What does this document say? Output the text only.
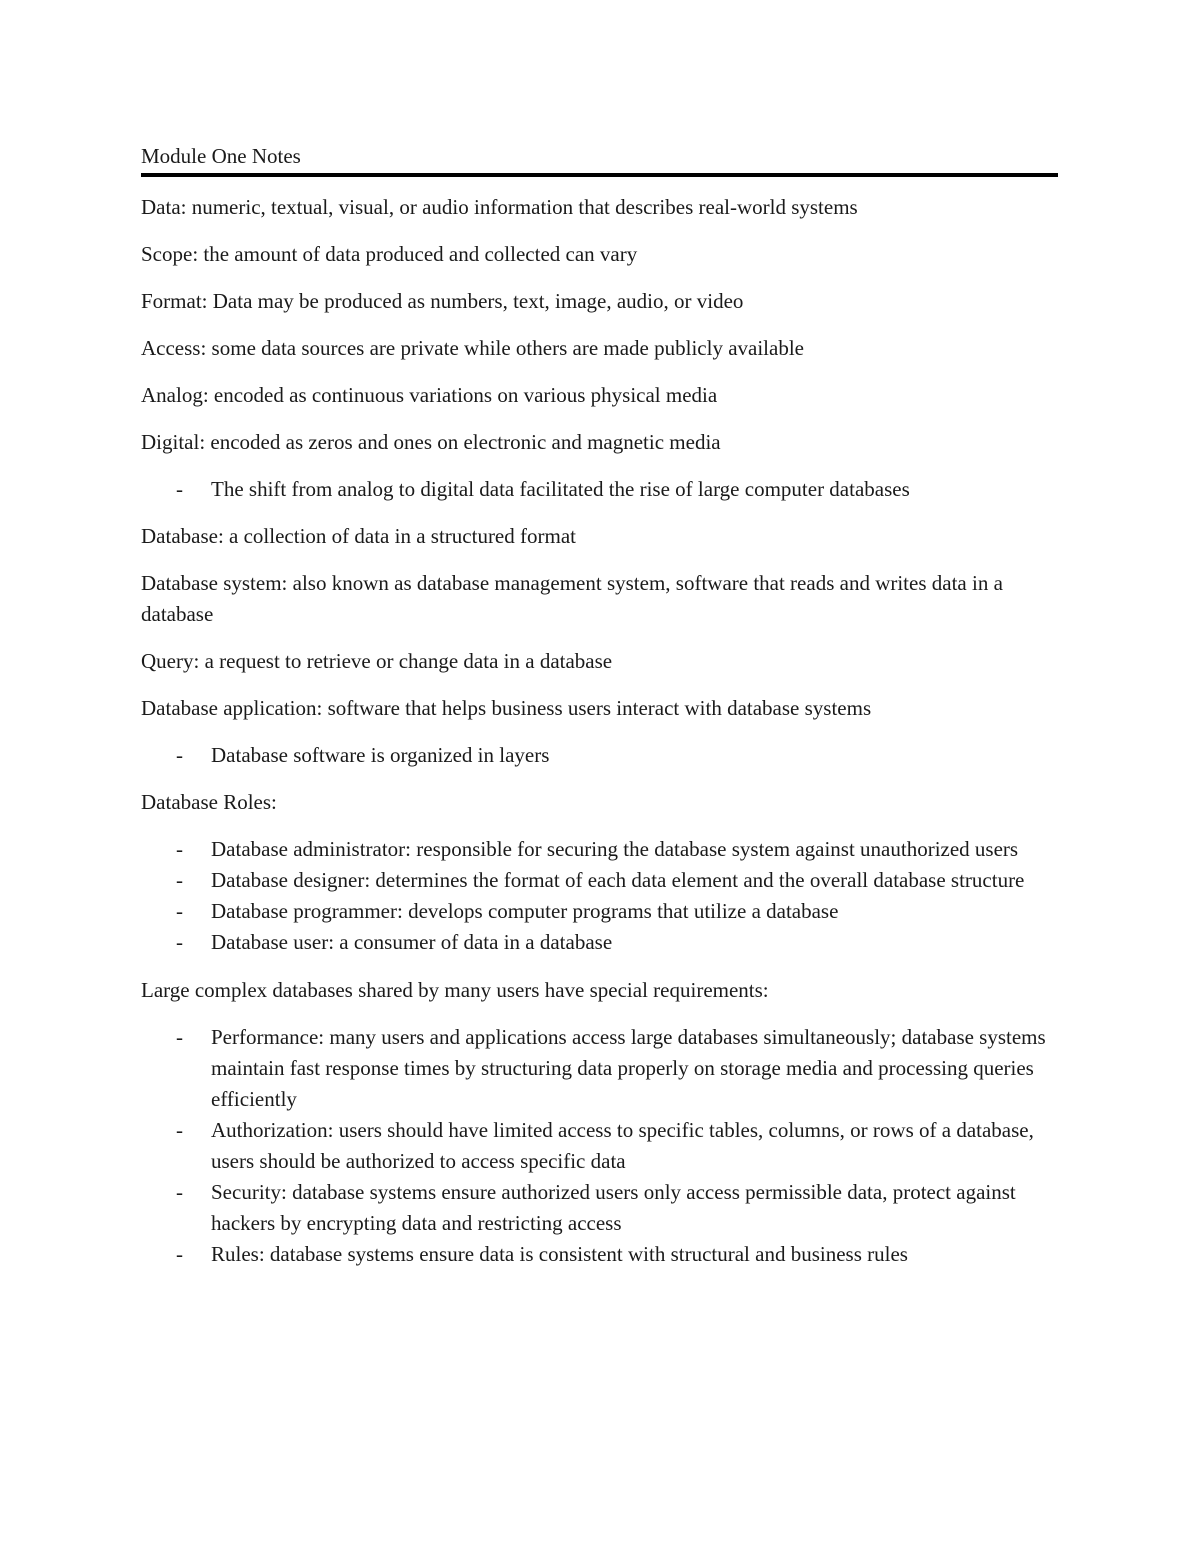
Module One Notes

Data: numeric, textual, visual, or audio information that describes real-world systems

Scope: the amount of data produced and collected can vary

Format: Data may be produced as numbers, text, image, audio, or video

Access: some data sources are private while others are made publicly available

Analog: encoded as continuous variations on various physical media

Digital: encoded as zeros and ones on electronic and magnetic media

- The shift from analog to digital data facilitated the rise of large computer databases

Database: a collection of data in a structured format

Database system: also known as database management system, software that reads and writes data in a database

Query: a request to retrieve or change data in a database

Database application: software that helps business users interact with database systems

- Database software is organized in layers

Database Roles:

- Database administrator: responsible for securing the database system against unauthorized users
- Database designer: determines the format of each data element and the overall database structure
- Database programmer: develops computer programs that utilize a database
- Database user: a consumer of data in a database

Large complex databases shared by many users have special requirements:

- Performance: many users and applications access large databases simultaneously; database systems maintain fast response times by structuring data properly on storage media and processing queries efficiently
- Authorization: users should have limited access to specific tables, columns, or rows of a database, users should be authorized to access specific data
- Security: database systems ensure authorized users only access permissible data, protect against hackers by encrypting data and restricting access
- Rules: database systems ensure data is consistent with structural and business rules
